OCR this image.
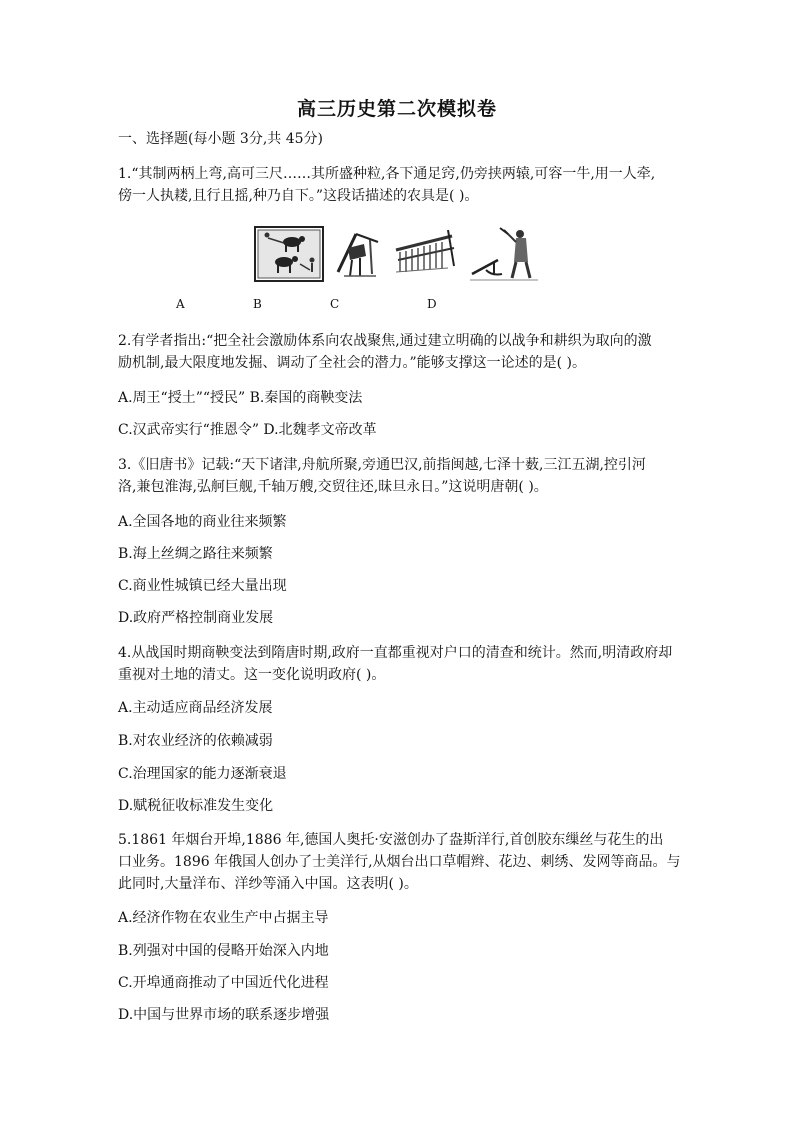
高三历史第二次模拟卷
一、选择题(每小题 3分,共 45分)
1.“其制两柄上弯,高可三尺……其所盛种粒,各下通足窍,仍旁挟两辕,可容一牛,用一人牵,
傍一人执耧,且行且摇,种乃自下。”这段话描述的农具是( )。
A	B	C	D
2.有学者指出:“把全社会激励体系向农战聚焦,通过建立明确的以战争和耕织为取向的激
励机制,最大限度地发掘、调动了全社会的潜力。”能够支撑这一论述的是( )。
A.周王“授土”“授民” B.秦国的商鞅变法
C.汉武帝实行“推恩令” D.北魏孝文帝改革
3.《旧唐书》记载:“天下诸津,舟航所聚,旁通巴汉,前指闽越,七泽十薮,三江五湖,控引河
洛,兼包淮海,弘舸巨舰,千轴万艘,交贸往还,昧旦永日。”这说明唐朝( )。
A.全国各地的商业往来频繁
B.海上丝绸之路往来频繁
C.商业性城镇已经大量出现
D.政府严格控制商业发展
4.从战国时期商鞅变法到隋唐时期,政府一直都重视对户口的清查和统计。然而,明清政府却
重视对土地的清丈。这一变化说明政府( )。
A.主动适应商品经济发展
B.对农业经济的依赖减弱
C.治理国家的能力逐渐衰退
D.赋税征收标准发生变化
5.1861 年烟台开埠,1886 年,德国人奥托·安滋创办了盎斯洋行,首创胶东缫丝与花生的出
口业务。1896 年俄国人创办了士美洋行,从烟台出口草帽辫、花边、刺绣、发网等商品。与
此同时,大量洋布、洋纱等涌入中国。这表明( )。
A.经济作物在农业生产中占据主导
B.列强对中国的侵略开始深入内地
C.开埠通商推动了中国近代化进程
D.中国与世界市场的联系逐步增强
